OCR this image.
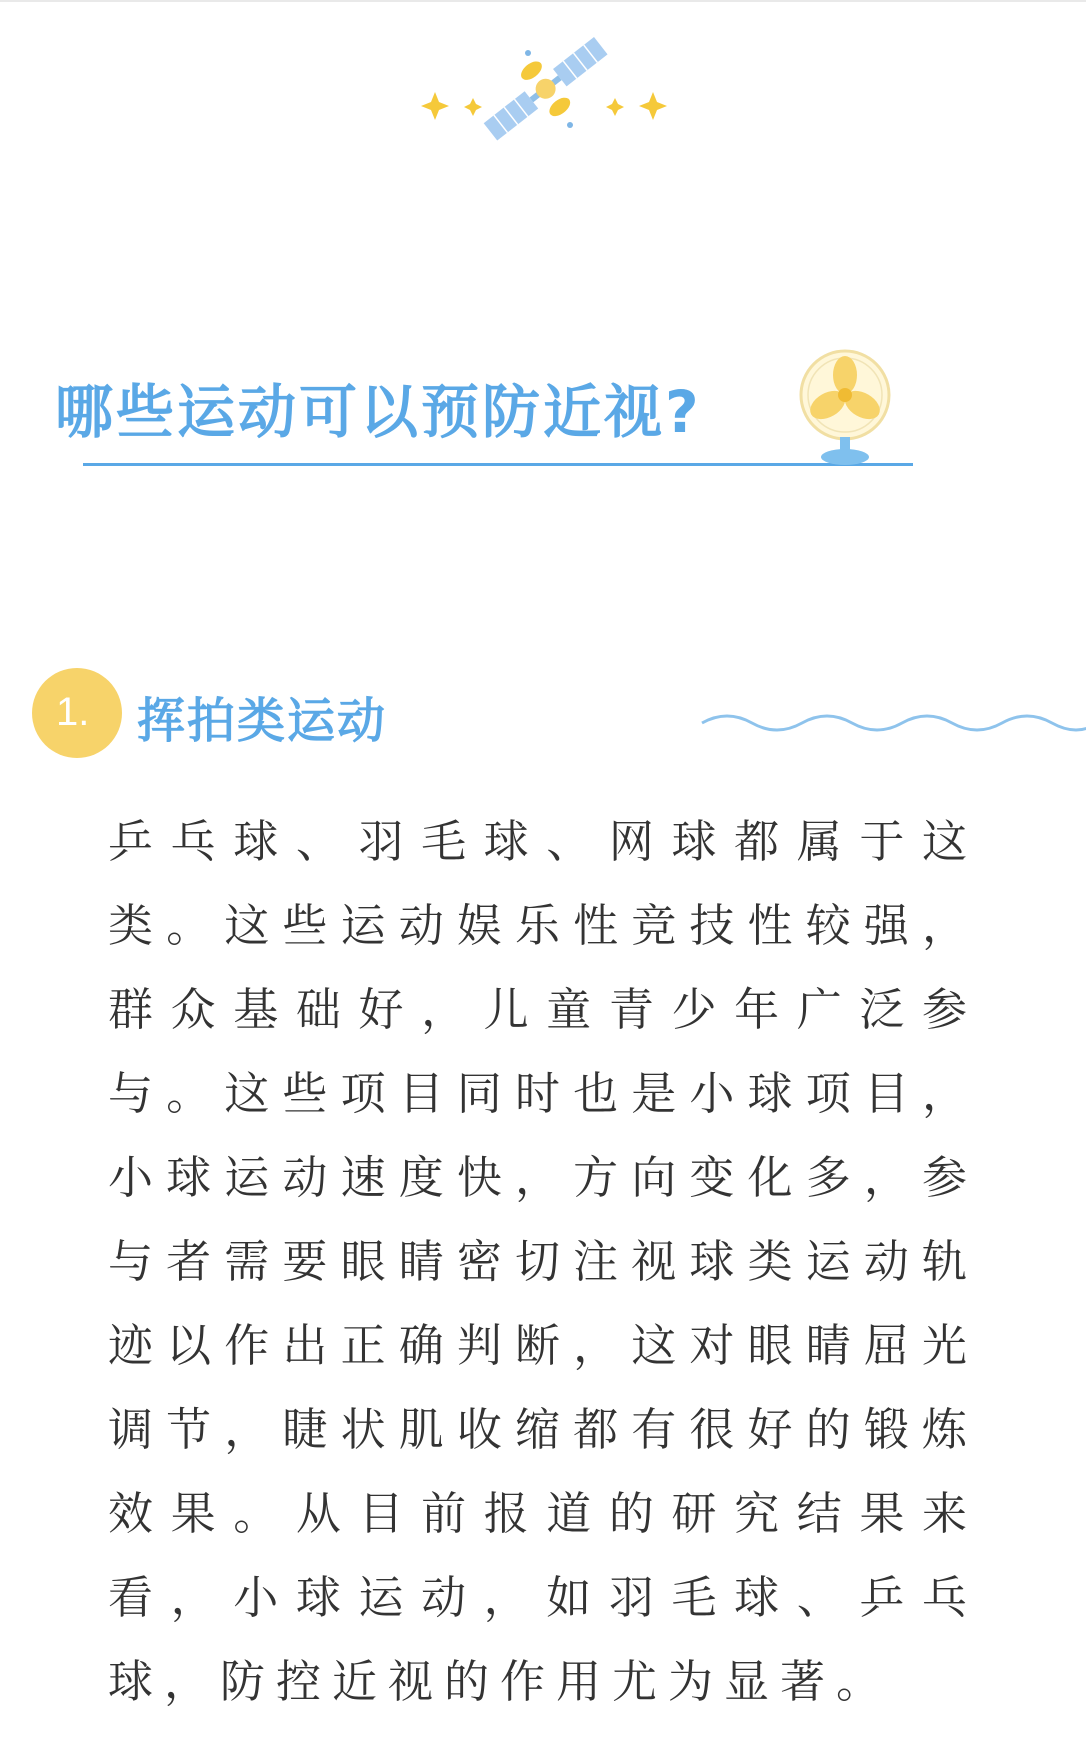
哪些运动可以预防近视?
1. 挥拍类运动

乒乓球、羽毛球、网球都属于这类。这些运动娱乐性竞技性较强，群众基础好，儿童青少年广泛参与。这些项目同时也是小球项目，小球运动速度快，方向变化多，参与者需要眼睛密切注视球类运动轨迹以作出正确判断，这对眼睛屈光调节，睫状肌收缩都有很好的锻炼效果。从目前报道的研究结果来看，小球运动，如羽毛球、乒乓球，防控近视的作用尤为显著。
